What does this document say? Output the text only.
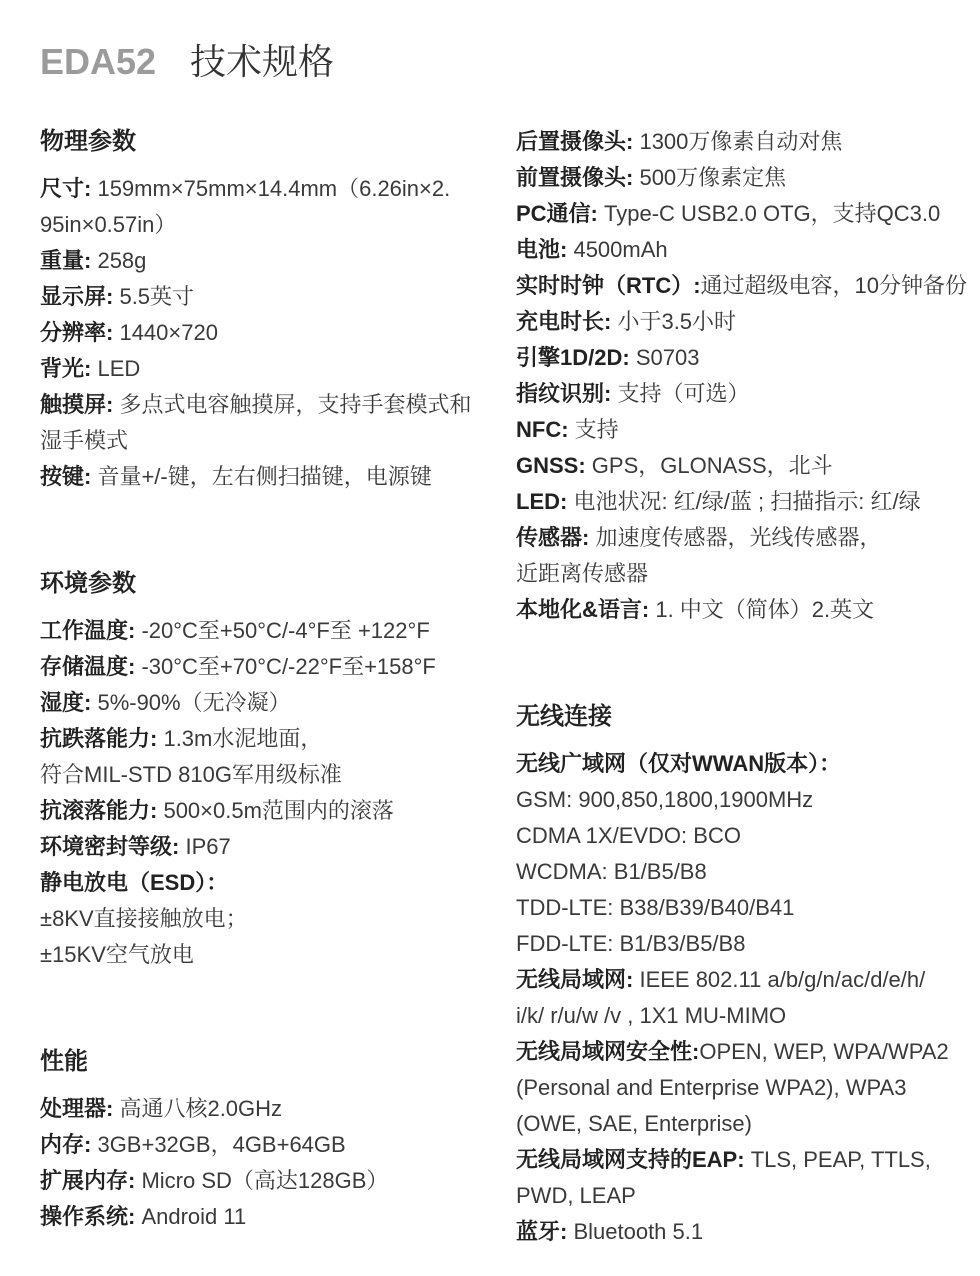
EDA52 技术规格
物理参数
尺寸: 159mm×75mm×14.4mm（6.26in×2.
95in×0.57in）
重量: 258g
显示屏: 5.5英寸
分辨率: 1440×720
背光: LED
触摸屏: 多点式电容触摸屏，支持手套模式和
湿手模式
按键: 音量+/-键，左右侧扫描键，电源键
环境参数
工作温度: -20°C至+50°C/-4°F至 +122°F
存储温度: -30°C至+70°C/-22°F至+158°F
湿度: 5%-90%（无冷凝）
抗跌落能力: 1.3m水泥地面，
符合MIL-STD 810G军用级标准
抗滚落能力: 500×0.5m范围内的滚落
环境密封等级: IP67
静电放电（ESD）：
±8KV直接接触放电；
±15KV空气放电
性能
处理器: 高通八核2.0GHz
内存: 3GB+32GB，4GB+64GB
扩展内存: Micro SD（高达128GB）
操作系统: Android 11
后置摄像头: 1300万像素自动对焦
前置摄像头: 500万像素定焦
PC通信: Type-C USB2.0 OTG，支持QC3.0
电池: 4500mAh
实时时钟（RTC）:通过超级电容，10分钟备份
充电时长: 小于3.5小时
引擎1D/2D: S0703
指纹识别: 支持（可选）
NFC: 支持
GNSS: GPS，GLONASS，北斗
LED: 电池状况: 红/绿/蓝 ; 扫描指示: 红/绿
传感器: 加速度传感器，光线传感器，
近距离传感器
本地化&语言: 1. 中文（简体）2.英文
无线连接
无线广域网（仅对WWAN版本）：
GSM: 900,850,1800,1900MHz
CDMA 1X/EVDO: BCO
WCDMA: B1/B5/B8
TDD-LTE: B38/B39/B40/B41
FDD-LTE: B1/B3/B5/B8
无线局域网: IEEE 802.11 a/b/g/n/ac/d/e/h/
i/k/ r/u/w /v , 1X1 MU-MIMO
无线局域网安全性:OPEN, WEP, WPA/WPA2
(Personal and Enterprise WPA2), WPA3
(OWE, SAE, Enterprise)
无线局域网支持的EAP: TLS, PEAP, TTLS,
PWD, LEAP
蓝牙: Bluetooth 5.1
